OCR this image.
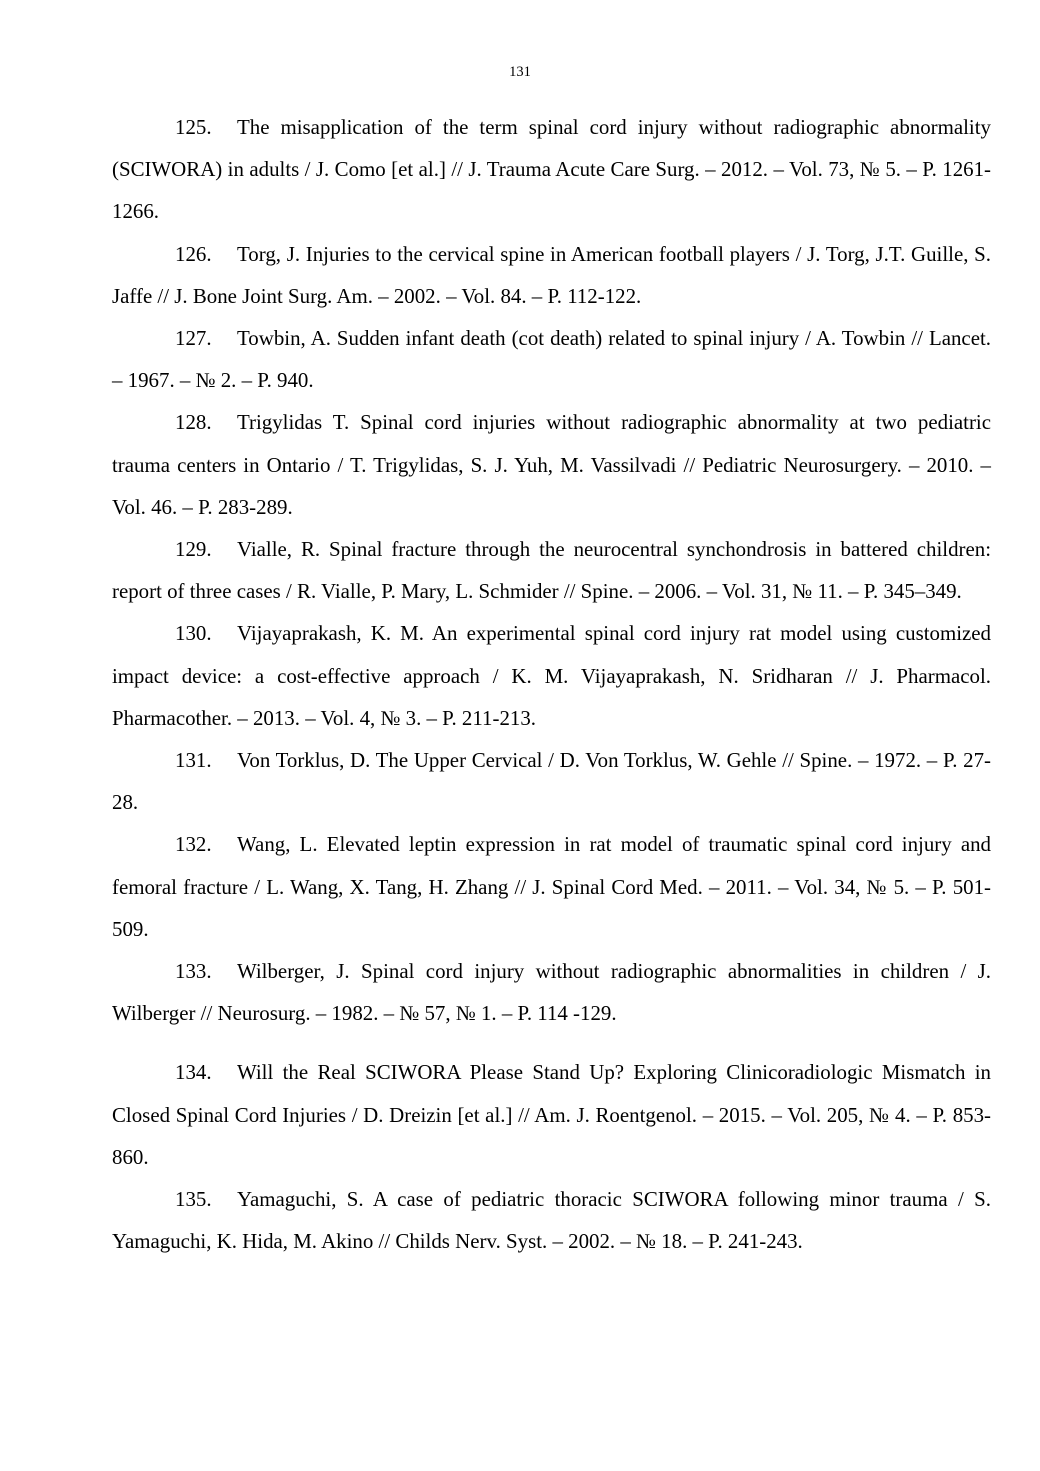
131

125. The misapplication of the term spinal cord injury without radiographic abnormality (SCIWORA) in adults / J. Como [et al.] // J. Trauma Acute Care Surg. – 2012. – Vol. 73, № 5. – P. 1261-1266.

126. Torg, J. Injuries to the cervical spine in American football players / J. Torg, J.T. Guille, S. Jaffe // J. Bone Joint Surg. Am. – 2002. – Vol. 84. – P. 112-122.

127. Towbin, A. Sudden infant death (cot death) related to spinal injury / A. Towbin // Lancet. – 1967. – № 2. – P. 940.

128. Trigylidas T. Spinal cord injuries without radiographic abnormality at two pediatric trauma centers in Ontario / T. Trigylidas, S. J. Yuh, M. Vassilvadi // Pediatric Neurosurgery. – 2010. – Vol. 46. – P. 283-289.

129. Vialle, R. Spinal fracture through the neurocentral synchondrosis in battered children: report of three cases / R. Vialle, P. Mary, L. Schmider // Spine. – 2006. – Vol. 31, № 11. – P. 345–349.

130. Vijayaprakash, K. M. An experimental spinal cord injury rat model using customized impact device: a cost-effective approach / K. M. Vijayaprakash, N. Sridharan // J. Pharmacol. Pharmacother. – 2013. – Vol. 4, № 3. – P. 211-213.

131. Von Torklus, D. The Upper Cervical / D. Von Torklus, W. Gehle // Spine. – 1972. – P. 27-28.

132. Wang, L. Elevated leptin expression in rat model of traumatic spinal cord injury and femoral fracture / L. Wang, X. Tang, H. Zhang // J. Spinal Cord Med. – 2011. – Vol. 34, № 5. – P. 501-509.

133. Wilberger, J. Spinal cord injury without radiographic abnormalities in children / J. Wilberger // Neurosurg. – 1982. – № 57, № 1. – P. 114 -129.

134. Will the Real SCIWORA Please Stand Up? Exploring Clinicoradiologic Mismatch in Closed Spinal Cord Injuries / D. Dreizin [et al.] // Am. J. Roentgenol. – 2015. – Vol. 205, № 4. – P. 853-860.

135. Yamaguchi, S. A case of pediatric thoracic SCIWORA following minor trauma / S. Yamaguchi, K. Hida, M. Akino // Childs Nerv. Syst. – 2002. – № 18. – P. 241-243.
